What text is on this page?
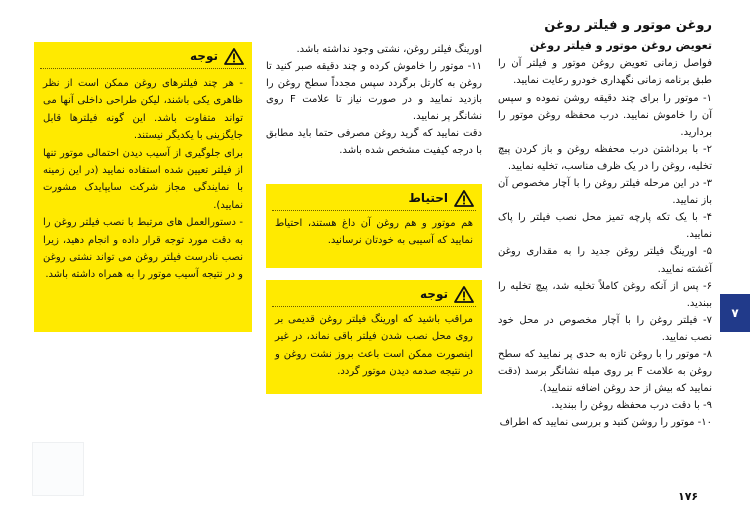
روغن موتور و فیلتر روغن
تعویض روغن موتور و فیلتر روغن

فواصل زمانی تعویض روغن موتور و فیلتر آن را طبق برنامه زمانی نگهداری خودرو رعایت نمایید.

۱- موتور را برای چند دقیقه روشن نموده و سپس آن را خاموش نمایید. درب محفظه روغن موتور را بردارید.

۲- با برداشتن درب محفظه روغن و باز کردن پیچ تخلیه، روغن را در یک ظرف مناسب، تخلیه نمایید.

۳- در این مرحله فیلتر روغن را با آچار مخصوص آن باز نمایید.

۴- با یک تکه پارچه تمیز محل نصب فیلتر را پاک نمایید.

۵- اورینگ فیلتر روغن جدید را به مقداری روغن آغشته نمایید.

۶- پس از آنکه روغن کاملاً تخلیه شد، پیچ تخلیه را ببندید.

۷- فیلتر روغن را با آچار مخصوص در محل خود نصب نمایید.

۸- موتور را با روغن تازه به حدی پر نمایید که سطح روغن به علامت F بر روی میله نشانگر برسد (دقت نمایید که بیش از حد روغن اضافه ننمایید).

۹- با دقت درب محفظه روغن را ببندید.

۱۰- موتور را روشن کنید و بررسی نمایید که اطراف

اورینگ فیلتر روغن، نشتی وجود نداشته باشد.

۱۱- موتور را خاموش کرده و چند دقیقه صبر کنید تا روغن به کارتل برگردد سپس مجدداً سطح روغن را بازدید نمایید و در صورت نیاز تا علامت F روی نشانگر پر نمایید.

دقت نمایید که گرید روغن مصرفی حتما باید مطابق با درجه کیفیت مشخص شده باشد.

احتیاط
هم موتور و هم روغن آن داغ هستند، احتیاط نمایید که آسیبی به خودتان نرسانید.
توجه
مراقب باشید که اورینگ فیلتر روغن قدیمی بر روی محل نصب شدن فیلتر باقی نماند، در غیر اینصورت ممکن است باعث بروز نشت روغن و در نتیجه صدمه دیدن موتور گردد.
توجه
- هر چند فیلترهای روغن ممکن است از نظر ظاهری یکی باشند، لیکن طراحی داخلی آنها می تواند متفاوت باشد. این گونه فیلترها قابل جایگزینی با یکدیگر نیستند.
برای جلوگیری از آسیب دیدن احتمالی موتور تنها از فیلتر تعیین شده استفاده نمایید (در این زمینه با نمایندگی مجاز شرکت سایپایدک مشورت نمایید).
- دستورالعمل های مرتبط با نصب فیلتر روغن را به دقت مورد توجه قرار داده و انجام دهید، زیرا نصب نادرست فیلتر روغن می تواند نشتی روغن و در نتیجه آسیب موتور را به همراه داشته باشد.
۷
۱۷۶
